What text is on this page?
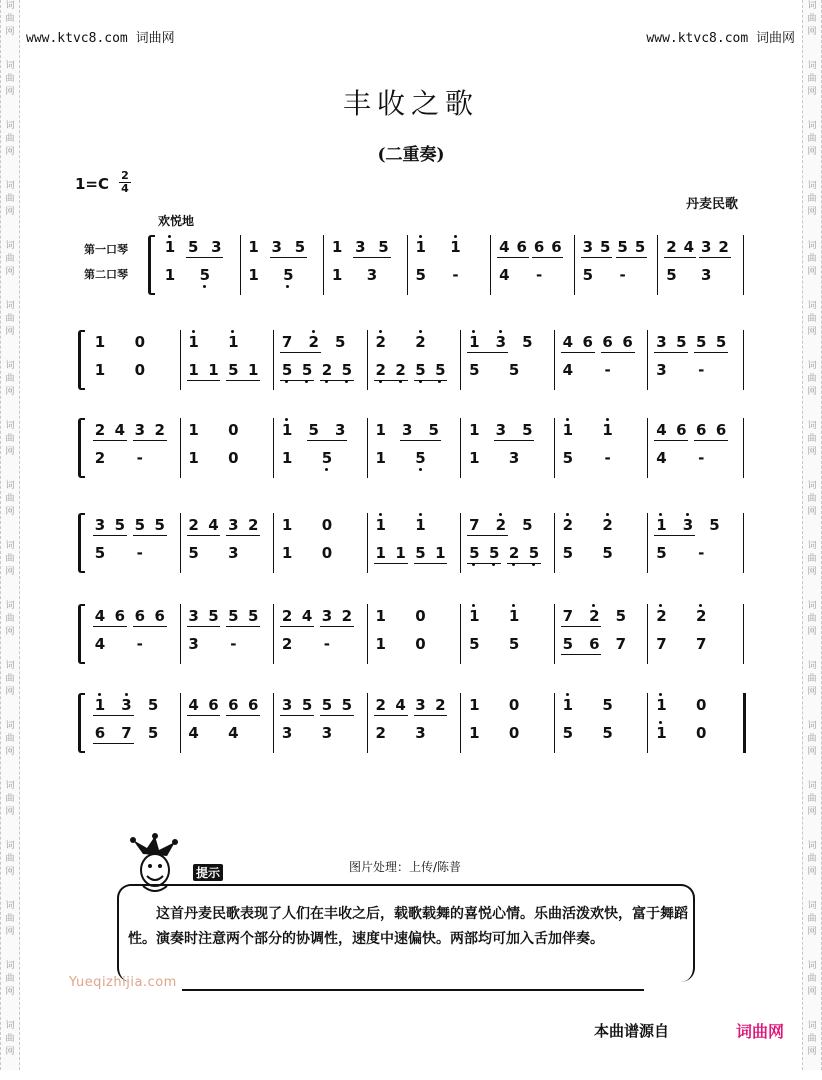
词
曲
网
词
曲
网
词
曲
网
词
曲
网
词
曲
网
词
曲
网
词
曲
网
词
曲
网
词
曲
网
词
曲
网
词
曲
网
词
曲
网
词
曲
网
词
曲
网
词
曲
网
词
曲
网
词
曲
网
词
曲
网
词
曲
网
词
曲
网
词
曲
网
词
曲
网
词
曲
网
词
曲
网
词
曲
网
词
曲
网
词
曲
网
词
曲
网
词
曲
网
词
曲
网
词
曲
网
词
曲
网
词
曲
网
词
曲
网
词
曲
网
词
曲
网
www.ktvc8.com 词曲网	www.ktvc8.com 词曲网
丰收之歌
(二重奏)
1=C 2
4
丹麦民歌
欢悦地
第一口琴
第二口琴
1 5 3
1 5
1 3 5
1 5
1 3 5
1 3
1 1
5 -
4 6 6 6
4 -
3 5 5 5
5 -
2 4 3 2
5 3
1 0
1 0
1 1
1 1 5 1
7 2 5
5 5 2 5
2 2
2 2 5 5
1 3 5
5 5
4 6 6 6
4 -
3 5 5 5
3 -
2 4 3 2
2 -
1 0
1 0
1 5 3
1 5
1 3 5
1 5
1 3 5
1 3
1 1
5 -
4 6 6 6
4 -
3 5 5 5
5 -
2 4 3 2
5 3
1 0
1 0
1 1
1 1 5 1
7 2 5
5 5 2 5
2 2
5 5
1 3 5
5 -
4 6 6 6
4 -
3 5 5 5
3 -
2 4 3 2
2 -
1 0
1 0
1 1
5 5
7 2 5
5 6 7
2 2
7 7
1 3 5
6 7 5
4 6 6 6
4 4
3 5 5 5
3 3
2 4 3 2
2 3
1 0
1 0
1 5
5 5
1 0
1 0
图片处理：上传/陈普
提示
这首丹麦民歌表现了人们在丰收之后，载歌载舞的喜悦心情。乐曲活泼欢快，富于舞蹈性。演奏时注意两个部分的协调性，速度中速偏快。两部均可加入舌加伴奏。
Yueqizhijia.com
本曲谱源自	词曲网
